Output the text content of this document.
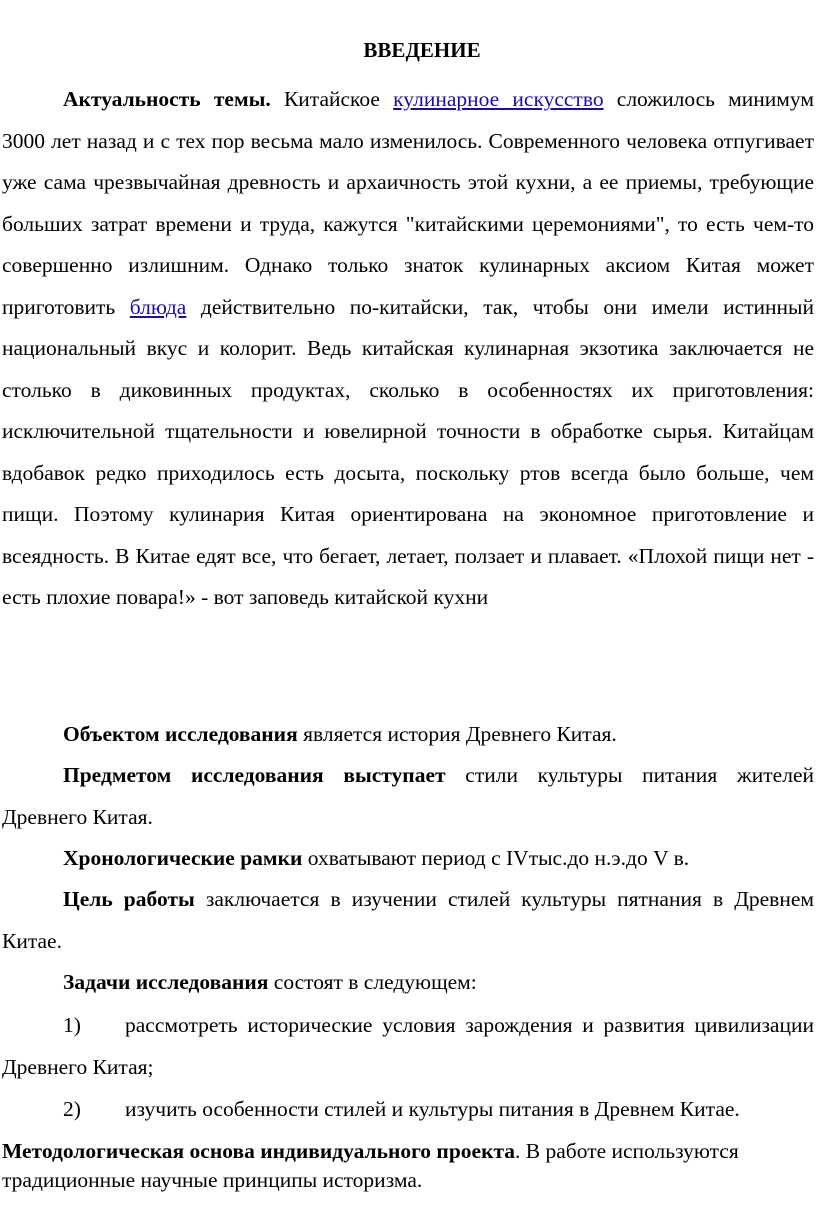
ВВЕДЕНИЕ

Актуальность темы. Китайское кулинарное искусство сложилось минимум 3000 лет назад и с тех пор весьма мало изменилось. Современного человека отпугивает уже сама чрезвычайная древность и архаичность этой кухни, а ее приемы, требующие больших затрат времени и труда, кажутся "китайскими церемониями", то есть чем-то совершенно излишним. Однако только знаток кулинарных аксиом Китая может приготовить блюда действительно по-китайски, так, чтобы они имели истинный национальный вкус и колорит. Ведь китайская кулинарная экзотика заключается не столько в диковинных продуктах, сколько в особенностях их приготовления: исключительной тщательности и ювелирной точности в обработке сырья. Китайцам вдобавок редко приходилось есть досыта, поскольку ртов всегда было больше, чем пищи. Поэтому кулинария Китая ориентирована на экономное приготовление и всеядность. В Китае едят все, что бегает, летает, ползает и плавает. «Плохой пищи нет - есть плохие повара!» - вот заповедь китайской кухни

Объектом исследования является история Древнего Китая.

Предметом исследования выступает стили культуры питания жителей Древнего Китая.

Хронологические рамки охватывают период с IVтыс.до н.э.до V в.

Цель работы заключается в изучении стилей культуры пятнания в Древнем Китае.

Задачи исследования состоят в следующем:

1) рассмотреть исторические условия зарождения и развития цивилизации Древнего Китая;

2) изучить особенности стилей и культуры питания в Древнем Китае.

Методологическая основа индивидуального проекта. В работе используются традиционные научные принципы историзма.
